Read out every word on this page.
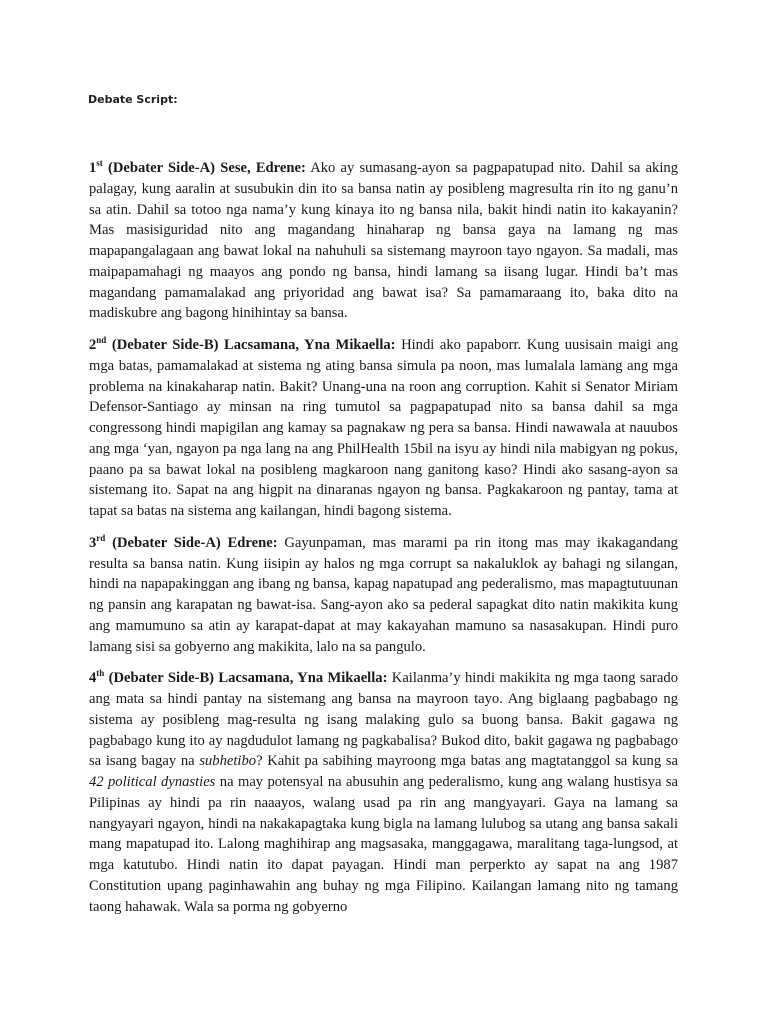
Debate Script:

1st (Debater Side-A) Sese, Edrene: Ako ay sumasang-ayon sa pagpapatupad nito. Dahil sa aking palagay, kung aaralin at susubukin din ito sa bansa natin ay posibleng magresulta rin ito ng ganu’n sa atin. Dahil sa totoo nga nama’y kung kinaya ito ng bansa nila, bakit hindi natin ito kakayanin? Mas masisiguridad nito ang magandang hinaharap ng bansa gaya na lamang ng mas mapapangalagaan ang bawat lokal na nahuhuli sa sistemang mayroon tayo ngayon. Sa madali, mas maipapamahagi ng maayos ang pondo ng bansa, hindi lamang sa iisang lugar. Hindi ba’t mas magandang pamamalakad ang priyoridad ang bawat isa? Sa pamamaraang ito, baka dito na madiskubre ang bagong hinihintay sa bansa.

2nd (Debater Side-B) Lacsamana, Yna Mikaella: Hindi ako papaborr. Kung uusisain maigi ang mga batas, pamamalakad at sistema ng ating bansa simula pa noon, mas lumalala lamang ang mga problema na kinakaharap natin. Bakit? Unang-una na roon ang corruption. Kahit si Senator Miriam Defensor-Santiago ay minsan na ring tumutol sa pagpapatupad nito sa bansa dahil sa mga congressong hindi mapigilan ang kamay sa pagnakaw ng pera sa bansa. Hindi nawawala at nauubos ang mga ‘yan, ngayon pa nga lang na ang PhilHealth 15bil na isyu ay hindi nila mabigyan ng pokus, paano pa sa bawat lokal na posibleng magkaroon nang ganitong kaso? Hindi ako sasang-ayon sa sistemang ito. Sapat na ang higpit na dinaranas ngayon ng bansa. Pagkakaroon ng pantay, tama at tapat sa batas na sistema ang kailangan, hindi bagong sistema.

3rd (Debater Side-A) Edrene: Gayunpaman, mas marami pa rin itong mas may ikakagandang resulta sa bansa natin. Kung iisipin ay halos ng mga corrupt sa nakaluklok ay bahagi ng silangan, hindi na napapakinggan ang ibang ng bansa, kapag napatupad ang pederalismo, mas mapagtutuunan ng pansin ang karapatan ng bawat-isa. Sang-ayon ako sa pederal sapagkat dito natin makikita kung ang mamumuno sa atin ay karapat-dapat at may kakayahan mamuno sa nasasakupan. Hindi puro lamang sisi sa gobyerno ang makikita, lalo na sa pangulo.

4th (Debater Side-B) Lacsamana, Yna Mikaella: Kailanma’y hindi makikita ng mga taong sarado ang mata sa hindi pantay na sistemang ang bansa na mayroon tayo. Ang biglaang pagbabago ng sistema ay posibleng mag-resulta ng isang malaking gulo sa buong bansa. Bakit gagawa ng pagbabago kung ito ay nagdudulot lamang ng pagkabalisa? Bukod dito, bakit gagawa ng pagbabago sa isang bagay na subhetibo? Kahit pa sabihing mayroong mga batas ang magtatanggol sa kung sa 42 political dynasties na may potensyal na abusuhin ang pederalismo, kung ang walang hustisya sa Pilipinas ay hindi pa rin naaayos, walang usad pa rin ang mangyayari. Gaya na lamang sa nangyayari ngayon, hindi na nakakapagtaka kung bigla na lamang lulubog sa utang ang bansa sakali mang mapatupad ito. Lalong maghihirap ang magsasaka, manggagawa, maralitang taga-lungsod, at mga katutubo. Hindi natin ito dapat payagan. Hindi man perperkto ay sapat na ang 1987 Constitution upang paginhawahin ang buhay ng mga Filipino. Kailangan lamang nito ng tamang taong hahawak. Wala sa porma ng gobyerno
